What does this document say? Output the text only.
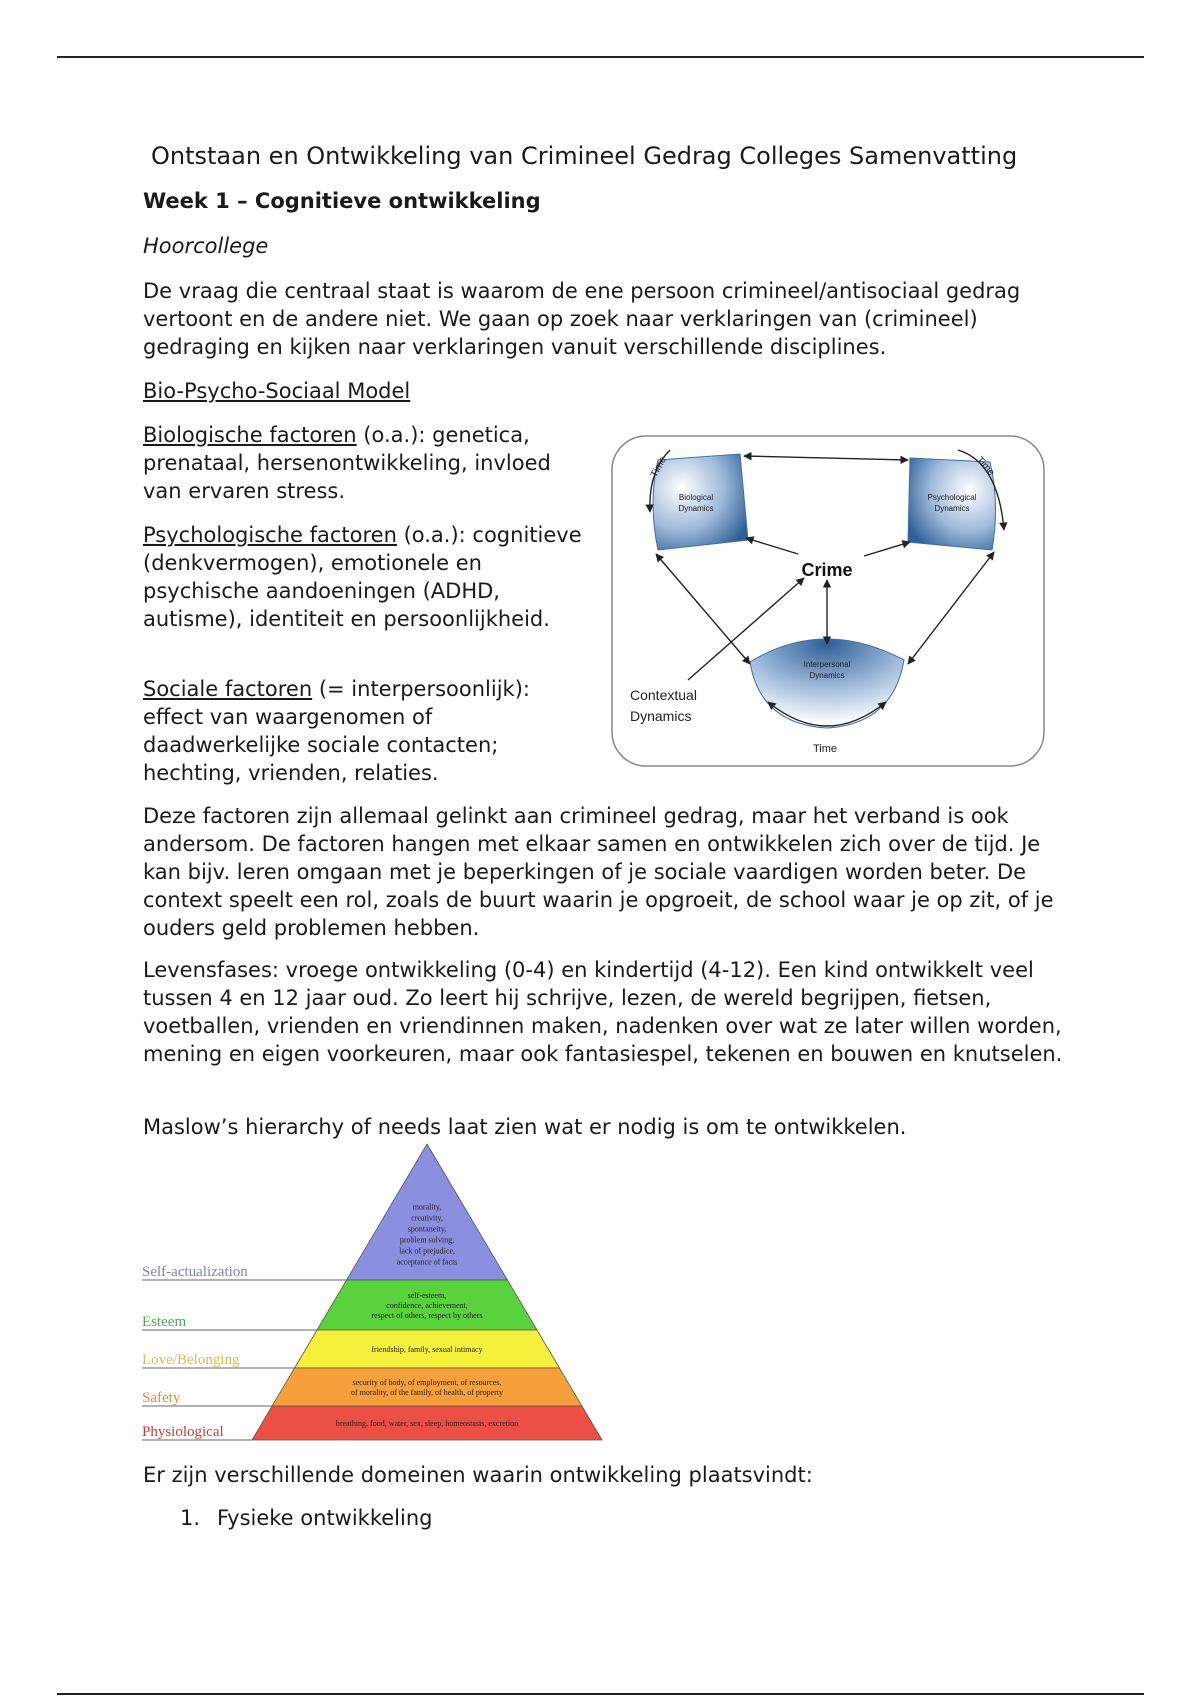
Ontstaan en Ontwikkeling van Crimineel Gedrag Colleges Samenvatting
Week 1 – Cognitieve ontwikkeling
Hoorcollege

De vraag die centraal staat is waarom de ene persoon crimineel/antisociaal gedrag vertoont en de andere niet. We gaan op zoek naar verklaringen van (crimineel) gedraging en kijken naar verklaringen vanuit verschillende disciplines.

Bio-Psycho-Sociaal Model

Biologische factoren (o.a.): genetica, prenataal, hersenontwikkeling, invloed van ervaren stress.

Psychologische factoren (o.a.): cognitieve (denkvermogen), emotionele en psychische aandoeningen (ADHD, autisme), identiteit en persoonlijkheid.

Sociale factoren (= interpersoonlijk): effect van waargenomen of daadwerkelijke sociale contacten; hechting, vrienden, relaties.

Biological
Dynamics
Psychological
Dynamics
Interpersonal
Dynamics
Crime
Contextual
Dynamics
Time
Time	Time

Deze factoren zijn allemaal gelinkt aan crimineel gedrag, maar het verband is ook andersom. De factoren hangen met elkaar samen en ontwikkelen zich over de tijd. Je kan bijv. leren omgaan met je beperkingen of je sociale vaardigen worden beter. De context speelt een rol, zoals de buurt waarin je opgroeit, de school waar je op zit, of je ouders geld problemen hebben.

Levensfases: vroege ontwikkeling (0-4) en kindertijd (4-12). Een kind ontwikkelt veel tussen 4 en 12 jaar oud. Zo leert hij schrijve, lezen, de wereld begrijpen, fietsen, voetballen, vrienden en vriendinnen maken, nadenken over wat ze later willen worden, mening en eigen voorkeuren, maar ook fantasiespel, tekenen en bouwen en knutselen.

Maslow’s hierarchy of needs laat zien wat er nodig is om te ontwikkelen.

Self-actualization
morality,
creativity,
spontaneity,
problem solving,
lack of prejudice,
acceptance of facts
Esteem
self-esteem,
confidence, achievement,
respect of others, respect by others
Love/Belonging
friendship, family, sexual intimacy
Safety
security of body, of employment, of resources,
of morality, of the family, of health, of property
Physiological
breathing, food, water, sex, sleep, homeostasis, excretion

Er zijn verschillende domeinen waarin ontwikkeling plaatsvindt:

1. Fysieke ontwikkeling
